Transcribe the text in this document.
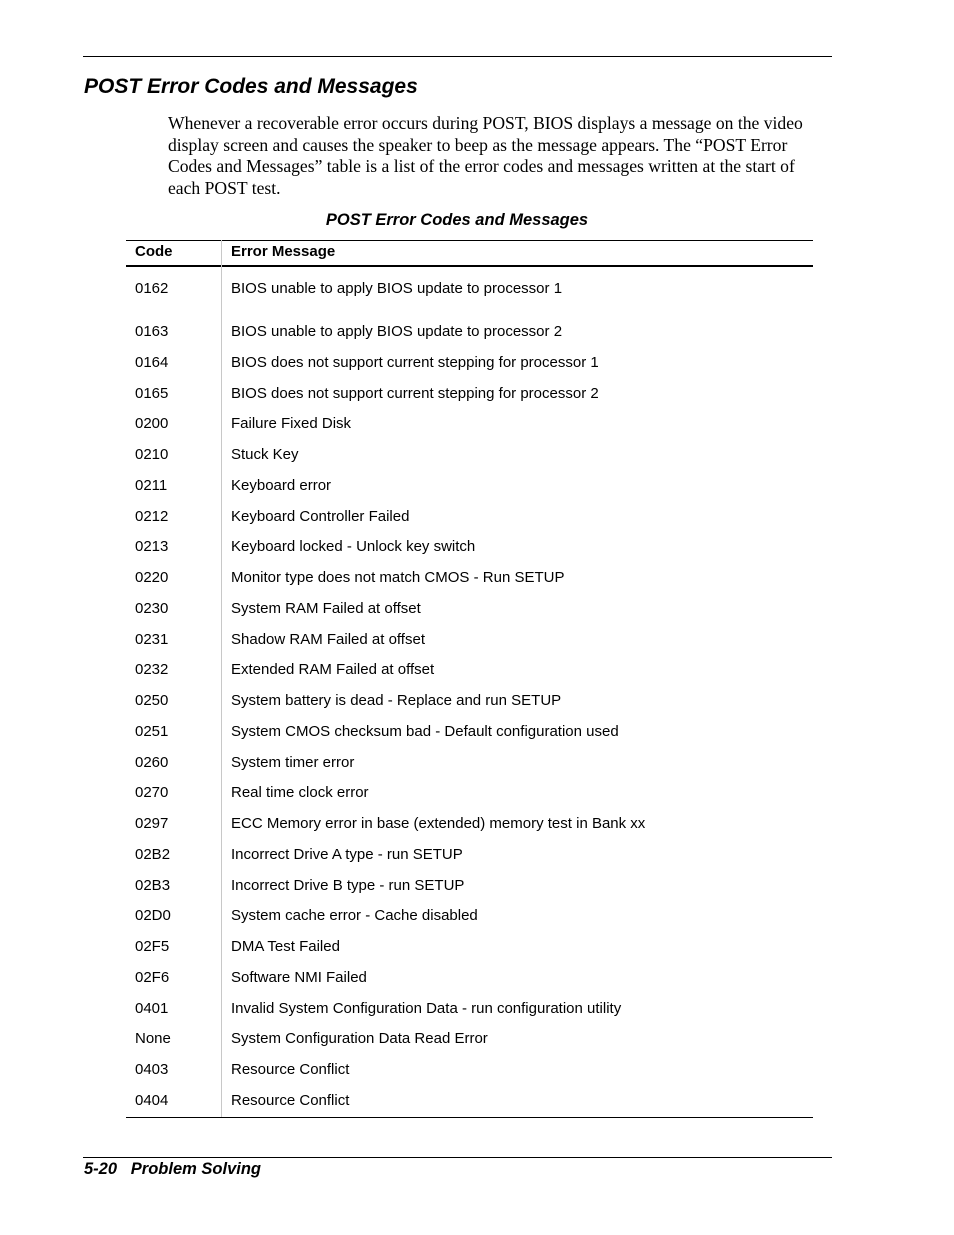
POST Error Codes and Messages

Whenever a recoverable error occurs during POST, BIOS displays a message on the video display screen and causes the speaker to beep as the message appears. The “POST Error Codes and Messages” table is a list of the error codes and messages written at the start of each POST test.

POST Error Codes and Messages

Code	Error Message
0162	BIOS unable to apply BIOS update to processor 1
0163	BIOS unable to apply BIOS update to processor 2
0164	BIOS does not support current stepping for processor 1
0165	BIOS does not support current stepping for processor 2
0200	Failure Fixed Disk
0210	Stuck Key
0211	Keyboard error
0212	Keyboard Controller Failed
0213	Keyboard locked - Unlock key switch
0220	Monitor type does not match CMOS - Run SETUP
0230	System RAM Failed at offset
0231	Shadow RAM Failed at offset
0232	Extended RAM Failed at offset
0250	System battery is dead - Replace and run SETUP
0251	System CMOS checksum bad - Default configuration used
0260	System timer error
0270	Real time clock error
0297	ECC Memory error in base (extended) memory test in Bank xx
02B2	Incorrect Drive A type - run SETUP
02B3	Incorrect Drive B type - run SETUP
02D0	System cache error - Cache disabled
02F5	DMA Test Failed
02F6	Software NMI Failed
0401	Invalid System Configuration Data - run configuration utility
None	System Configuration Data Read Error
0403	Resource Conflict
0404	Resource Conflict

5-20 Problem Solving
